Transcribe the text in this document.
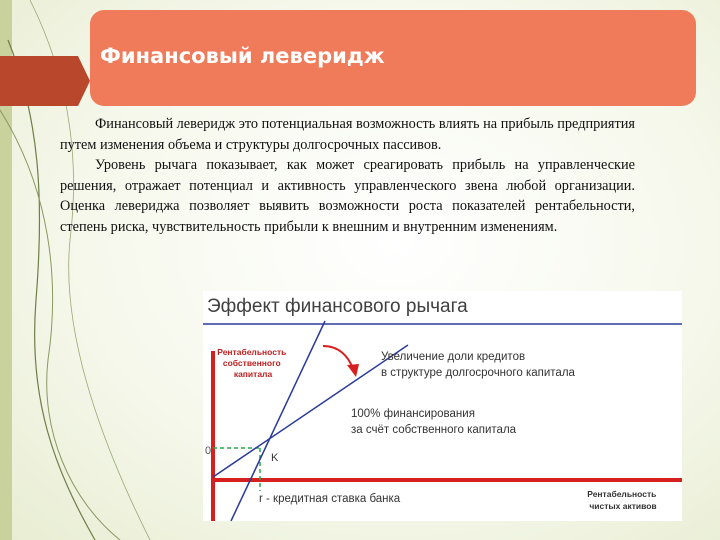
Финансовый леверидж

Финансовый леверидж это потенциальная возможность влиять на прибыль предприятия путем изменения объема и структуры долгосрочных пассивов.

Уровень рычага показывает, как может среагировать прибыль на управленческие решения, отражает потенциал и активность управленческого звена любой организации. Оценка левериджа позволяет выявить возможности роста показателей рентабельности, степень риска, чувствительность прибыли к внешним и внутренним изменениям.

Эффект финансового рычага
Рентабельность собственного капитала
0
K
Увеличение доли кредитов в структуре долгосрочного капитала
100% финансирования за счёт собственного капитала
r - кредитная ставка банка	Рентабельность чистых активов
